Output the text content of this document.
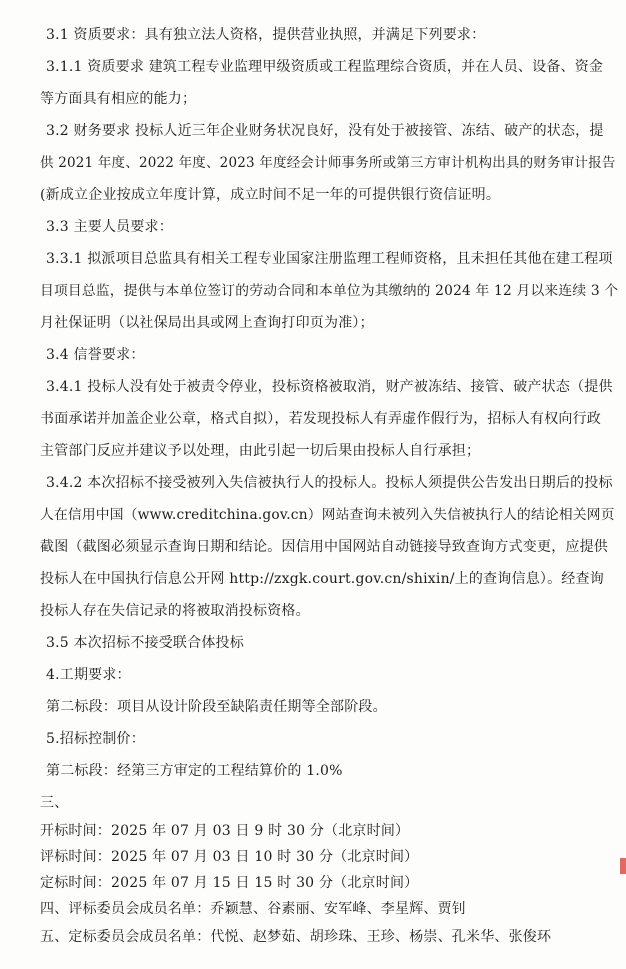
3.1 资质要求：具有独立法人资格，提供营业执照，并满足下列要求：

3.1.1 资质要求 建筑工程专业监理甲级资质或工程监理综合资质，并在人员、设备、资金

等方面具有相应的能力；

3.2 财务要求 投标人近三年企业财务状况良好，没有处于被接管、冻结、破产的状态，提

供 2021 年度、2022 年度、2023 年度经会计师事务所或第三方审计机构出具的财务审计报告

(新成立企业按成立年度计算，成立时间不足一年的可提供银行资信证明。

3.3 主要人员要求：

3.3.1 拟派项目总监具有相关工程专业国家注册监理工程师资格，且未担任其他在建工程项

目项目总监，提供与本单位签订的劳动合同和本单位为其缴纳的 2024 年 12 月以来连续 3 个

月社保证明（以社保局出具或网上查询打印页为准）；

3.4 信誉要求：

3.4.1 投标人没有处于被责令停业，投标资格被取消，财产被冻结、接管、破产状态（提供

书面承诺并加盖企业公章，格式自拟），若发现投标人有弄虚作假行为，招标人有权向行政

主管部门反应并建议予以处理，由此引起一切后果由投标人自行承担；

3.4.2 本次招标不接受被列入失信被执行人的投标人。投标人须提供公告发出日期后的投标

人在信用中国（www.creditchina.gov.cn）网站查询未被列入失信被执行人的结论相关网页

截图（截图必须显示查询日期和结论。因信用中国网站自动链接导致查询方式变更，应提供

投标人在中国执行信息公开网 http://zxgk.court.gov.cn/shixin/上的查询信息）。经查询

投标人存在失信记录的将被取消投标资格。

3.5 本次招标不接受联合体投标

4.工期要求：

第二标段：项目从设计阶段至缺陷责任期等全部阶段。

5.招标控制价：

第二标段：经第三方审定的工程结算价的 1.0%

三、

开标时间：2025 年 07 月 03 日 9 时 30 分（北京时间）

评标时间：2025 年 07 月 03 日 10 时 30 分（北京时间）

定标时间：2025 年 07 月 15 日 15 时 30 分（北京时间）

四、评标委员会成员名单：乔颖慧、谷素丽、安军峰、李星辉、贾钊

五、定标委员会成员名单：代悦、赵梦茹、胡珍珠、王珍、杨崇、孔米华、张俊环
